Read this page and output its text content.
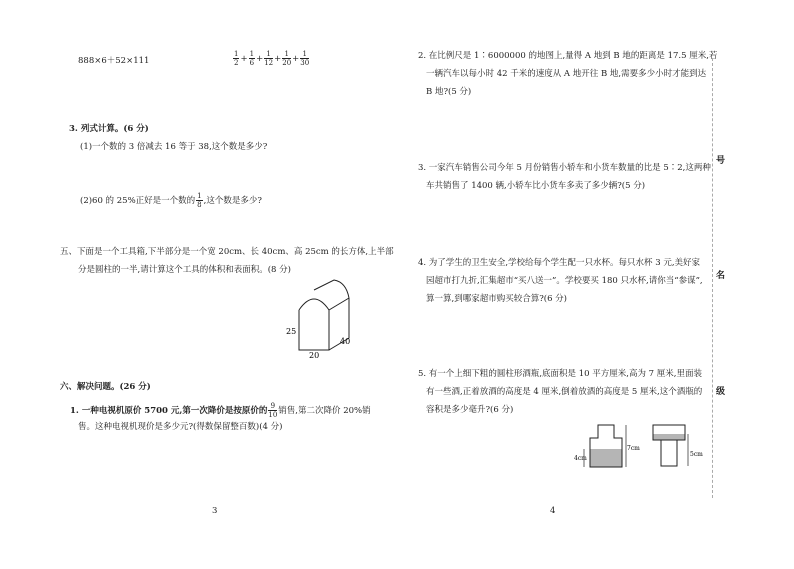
888×6＋52×111	$\frac{1}{2} + \frac{1}{6} + \frac{1}{12} + \frac{1}{20} + \frac{1}{30}$
3. 列式计算。(6 分)
(1)一个数的 3 倍减去 16 等于 38,这个数是多少?
(2)60 的 25%正好是一个数的 $\frac{1}{8}$ ,这个数是多少?
五、下面是一个工具箱,下半部分是一个宽 20cm、长 40cm、高 25cm 的长方体,上半部
分是圆柱的一半,请计算这个工具的体积和表面积。(8 分)
25
20
40
六、解决问题。(26 分)
1. 一种电视机原价 5700 元,第一次降价是按原价的 $\frac{9}{10}$ 销售,第二次降价 20%销
售。这种电视机现价是多少元?(得数保留整百数)(4 分)
3
2. 在比例尺是 1∶6000000 的地图上,量得 A 地到 B 地的距离是 17.5 厘米,若
一辆汽车以每小时 42 千米的速度从 A 地开往 B 地,需要多少小时才能到达
B 地?(5 分)
3. 一家汽车销售公司今年 5 月份销售小轿车和小货车数量的比是 5∶2,这两种
车共销售了 1400 辆,小轿车比小货车多卖了多少辆?(5 分)
4. 为了学生的卫生安全,学校给每个学生配一只水杯。每只水杯 3 元,美好家
园超市打九折,汇集超市“买八送一”。学校要买 180 只水杯,请你当“参谋”,
算一算,到哪家超市购买较合算?(6 分)
5. 有一个上细下粗的圆柱形酒瓶,底面积是 10 平方厘米,高为 7 厘米,里面装
有一些酒,正着放酒的高度是 4 厘米,倒着放酒的高度是 5 厘米,这个酒瓶的
容积是多少毫升?(6 分)
4cm
7cm
5cm
4
号
名
级
